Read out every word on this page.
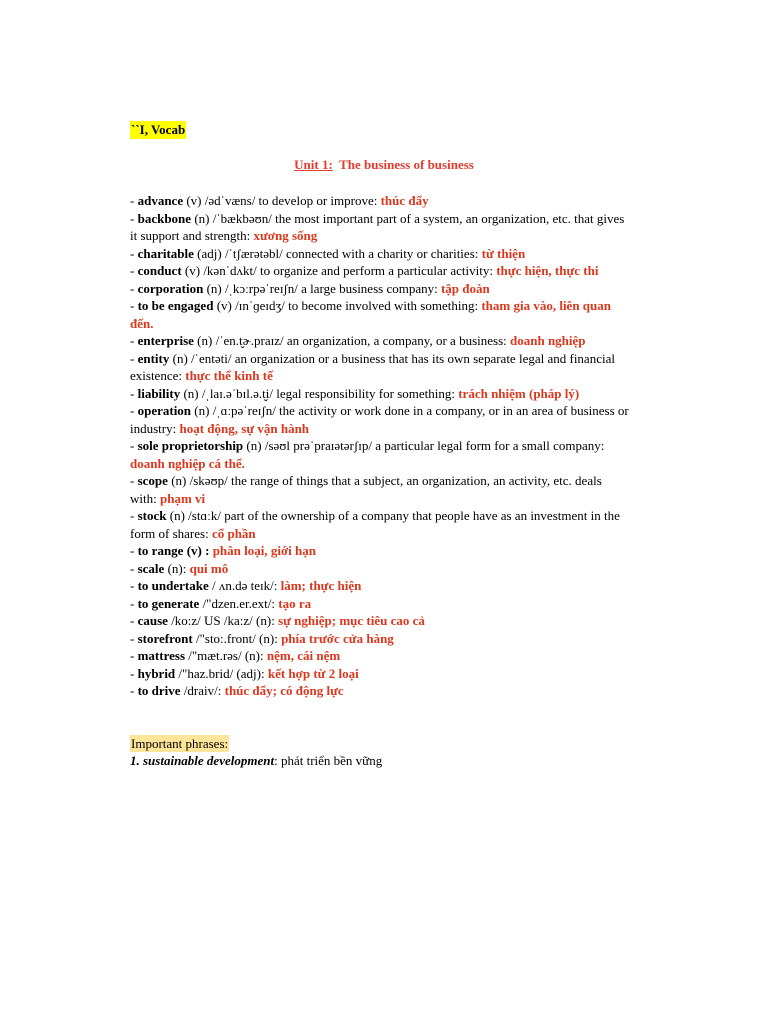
``I, Vocab
Unit 1: The business of business

- advance (v) /ədˈvæns/ to develop or improve: thúc đẩy

- backbone (n) /ˈbækbəʊn/ the most important part of a system, an organization, etc. that gives it support and strength: xương sống

- charitable (adj) /ˈtʃærətəbl/ connected with a charity or charities: từ thiện

- conduct (v) /kənˈdʌkt/ to organize and perform a particular activity: thực hiện, thực thi

- corporation (n) /ˌkɔːrpəˈreɪʃn/ a large business company: tập đoàn

- to be engaged (v) /ɪnˈɡeɪdʒ/ to become involved with something: tham gia vào, liên quan đến.

- enterprise (n) /ˈen.t̬ɚ.praɪz/ an organization, a company, or a business: doanh nghiệp

- entity (n) /ˈentəti/ an organization or a business that has its own separate legal and financial existence: thực thể kinh tế

- liability (n) /ˌlaɪ.əˈbɪl.ə.t̬i/ legal responsibility for something: trách nhiệm (pháp lý)

- operation (n) /ˌɑːpəˈreɪʃn/ the activity or work done in a company, or in an area of business or industry: hoạt động, sự vận hành

- sole proprietorship (n) /səʊl prəˈpraɪətərʃɪp/ a particular legal form for a small company: doanh nghiệp cá thể.

- scope (n) /skəʊp/ the range of things that a subject, an organization, an activity, etc. deals with: phạm vi

- stock (n) /stɑːk/ part of the ownership of a company that people have as an investment in the form of shares: cổ phần

- to range (v) : phân loại, giới hạn

- scale (n): qui mô

- to undertake / ʌn.də teɪk/: làm; thực hiện

- to generate /"dzen.er.ext/: tạo ra

- cause /ko:z/ US /ka:z/ (n): sự nghiệp; mục tiêu cao cả

- storefront /"sto:.front/ (n): phía trước cửa hàng

- mattress /"mæt.rəs/ (n): nệm, cái nệm

- hybrid /"haz.brid/ (adj): kết hợp từ 2 loại

- to drive /draiv/: thúc đẩy; có động lực

Important phrases:
1. sustainable development: phát triển bền vững
